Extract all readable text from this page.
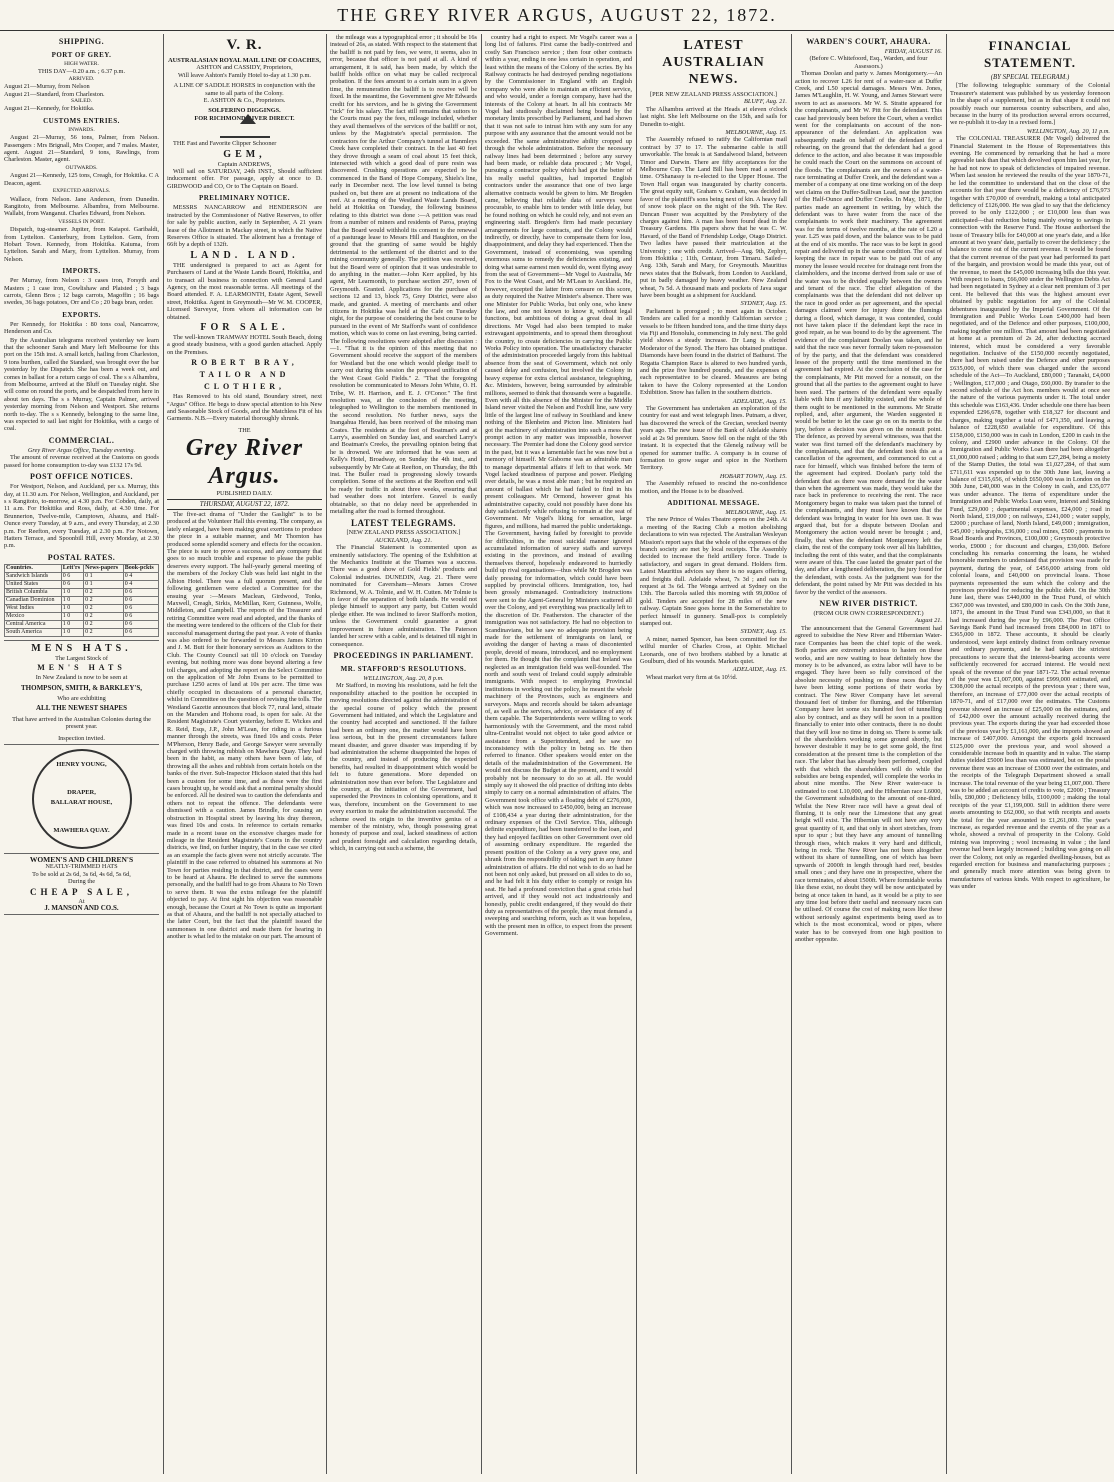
THE GREY RIVER ARGUS, AUGUST 22, 1872.
SHIPPING.
PORT OF GREY.
HIGH WATER.
THIS DAY—0.20 a.m. ; 6.37 p.m.
ARRIVED.
August 21—Murray, from Nelson
August 21—Standard, from Charleston.
SAILED.
August 21—Kennedy, for Hokitika.
CUSTOMS ENTRIES.
INWARDS.
August 21—Murray, 56 tons, Palmer, from Nelson. Passengers : Mrs Brignall, Mrs Cooper, and 7 males. Master, agent. August 21—Standard, 9 tons, Rawlings, from Charleston. Master, agent.
OUTWARDS.
August 21—Kennedy, 125 tons, Creagh, for Hokitika. C A Deacon, agent.
EXPECTED ARRIVALS.
Wallace, from Nelson. Jane Anderson, from Dunedin. Rangitoto, from Melbourne. Albambra, from Melbourne. Wallabi, from Wanganui. Charles Edward, from Nelson.
VESSELS IN PORT.
Dispatch, tug-steamer. Jupiter, from Kaiapoi. Garibaldi, from Lyttelton. Canterbury, from Lyttelton. Gem, from Hobart Town. Kennedy, from Hokitika. Kaiuma, from Lyttelton. Sarah and Mary, from Lyttelton. Murray, from Nelson.
IMPORTS.
Per Murray, from Nelson : 3 cases iron, Forsyth and Masters ; 1 case iron, Cowlishaw and Plaisted ; 3 bags carrots, Glenn Bros ; 12 bags carrots, Magoffin ; 16 bags swedes, 36 bags potatoes, Orr and Co ; 20 bags bran, order.
EXPORTS.
Per Kennedy, for Hokitika : 80 tons coal, Nancarrow, Henderson and Co.
By the Australian telegrams received yesterday we learn that the schooner Sarah and Mary left Melbourne for this port on the 15th inst. A small ketch, hailing from Charleston, 9 tons burthen, called the Standard, was brought over the bar yesterday by the Dispatch. She has been a week out, and comes in ballast for a return cargo of coal. The s s Alhambra, from Melbourne, arrived at the Bluff on Tuesday night. She will come on round the ports, and be despatched from here in about ten days. The s s Murray, Captain Palmer, arrived yesterday morning from Nelson and Westport. She returns north to-day. The s s Kennedy, belonging to the same line, was expected to sail last night for Hokitika, with a cargo of coal.
COMMERCIAL.
Grey River Argus Office, Tuesday evening.
The amount of revenue received at the Customs on goods passed for home consumption to-day was £132 17s 9d.
POST OFFICE NOTICES.
For Westport, Nelson, and Auckland, per s.s. Murray, this day, at 11.30 a.m. For Nelson, Wellington, and Auckland, per s s Rangitoto, to-morrow, at 4.30 p.m. For Cobden, daily, at 11 a.m. For Hokitika and Ross, daily, at 4.30 time. For Brunnerton, Twelve-mile, Camptown, Ahaura, and Half-Ounce every Tuesday, at 9 a.m., and every Thursday, at 2.30 p.m. For Reefton, every Tuesday, at 2.30 p.m. For Notown, Hatters Terrace, and Spoonbill Hill, every Monday, at 2.30 p.m.
POSTAL RATES.
Countries.	Lett'rs	News-papers	Book-pckts
Sandwich Islands	0 6	0 1	0 4
United States	0 6	0 1	0 4
British Columbia	1 0	0 2	0 6
Canadian Dominion	1 0	0 2	0 6
West Indies	1 0	0 2	0 6
Mexico	1 0	0 2	0 6
Central America	1 0	0 2	0 6
South America	1 0	0 2	0 6
MENS HATS.
The Largest Stock of
MEN'S HATS
In New Zealand is now to be seen at
THOMPSON, SMITH, & BARKLEY'S,
Who are exhibiting
ALL THE NEWEST SHAPES
That have arrived in the Australian Colonies during the present year.
Inspection invited.
HENRY YOUNG,
DRAPER,
BALLARAT HOUSE,
MAWHERA QUAY.
WOMEN'S AND CHILDREN'S
NEATLY-TRIMMED HATS
To be sold at 2s 6d, 3s 6d, 4s 6d, 5s 6d,
During the
CHEAP SALE,
At
J. MANSON AND CO.S.
V. R.
AUSTRALASIAN ROYAL MAIL LINE OF COACHES,
ASHTON and CASSIDY, Proprietors,
Will leave Ashton's Family Hotel to-day at 1.30 p.m.
A LINE OF SADDLE HORSES in conjunction with the same to all parts of the Colony.
E. ASHTON & Co., Proprietors.
SOLFERINO DIGGINGS.
FOR RICHMOND RIVER DIRECT.
THE Fast and Favorite Clipper Schooner
GEM,
Captain ANDREWS,
Will sail on SATURDAY, 24th INST., Should sufficient inducement offer. For passage, apply at once to D. GIRDWOOD and CO, Or to The Captain on Board.
PRELIMINARY NOTICE.
MESSRS NANCARROW and HENDERSON are instructed by the Commissioner of Native Reserves, to offer for sale by public auction, early in September, A 21 years lease of the Allotment in Mackay street, in which the Native Reserves Office is situated. The allotment has a frontage of 66ft by a depth of 132ft.
LAND. LAND.
THE undersigned is prepared to act as Agent for Purchasers of Land at the Waste Lands Board, Hokitika, and to transact all business in connection with General Land Agency, on the most reasonable terms. All meetings of the Board attended. F. A. LEARMONTH, Estate Agent, Sewell street, Hokitika. Agent in Greymouth—Mr W. M. COOPER, Licensed Surveyor, from whom all information can be obtained.
FOR SALE.
The well-known TRAMWAY HOTEL South Beach, doing a good steady business, with a good garden attached. Apply on the Premises.
ROBERT BRAY, TAILOR AND CLOTHIER,
Has Removed to his old stand, Boundary street, next "Argus" Office. He begs to draw special attention to his New and Seasonable Stock of Goods, and the Matchless Fit of his Garments. N.B.—Every material thoroughly shrunk.
THE
Grey River Argus.
PUBLISHED DAILY.
THURSDAY, AUGUST 22, 1872.
The five-act drama of "Under the Gaslight" is to be produced at the Volunteer Hall this evening. The company, as lately enlarged, have been making great exertions to produce the piece in a suitable manner, and Mr Thornton has produced some splendid scenery and effects for the occasion. The piece is sure to prove a success, and any company that goes to so much trouble and expense to please the public deserves every support. The half-yearly general meeting of the members of the Jockey Club was held last night in the Albion Hotel. There was a full quorum present, and the following gentlemen were elected a Committee for the ensuing year :—Messrs Maclean, Girdwood, Tonks, Maxwell, Creagh, Sirkis, McMillan, Kerr, Guinness, Wolfe, Middleton, and Campbell. The reports of the Treasurer and retiring Committee were read and adopted, and the thanks of the meeting were tendered to the officers of the Club for their successful management during the past year. A vote of thanks was also ordered to be forwarded to Messrs James Kirton and J. M. Butt for their honorary services as Auditors to the Club. The County Council sat till 10 o'clock on Tuesday evening, but nothing more was done beyond altering a few toll charges, and adopting the report on the Select Committee on the application of Mr John Evans to be permitted to purchase 1250 acres of land at 10s per acre. The time was chiefly occupied in discussions of a personal character, whilst in Committee on the question of revising the tolls. The Westland Gazette announces that block 77, rural land, situate on the Marsden and Hohonu road, is open for sale. At the Resident Magistrate's Court yesterday, before E. Wickes and R. Reid, Esqs, J.P., John M'Lean, for riding in a furious manner through the streets, was fined 10s and costs. Peter M'Pherson, Henry Bade, and George Sawyer were severally charged with throwing rubbish on Mawhera Quay. They had been in the habit, as many others have been of late, of throwing all the ashes and rubbish from certain hotels on the banks of the river. Sub-Inspector Hickson stated that this had been a custom for some time, and as these were the first cases brought up, he would ask that a nominal penalty should be enforced. All he desired was to caution the defendants and others not to repeat the offence. The defendants were dismissed with a caution. James Brindle, for causing an obstruction in Hospital street by leaving his dray thereon, was fined 10s and costs. In reference to certain remarks made in a recent issue on the excessive charges made for mileage in the Resident Magistrate's Courts in the country districts, we find, on further inquiry, that in the case we cited as an example the facts given were not strictly accurate. The plaintiff in the case referred to obtained his summons at No Town for parties residing in that district, and the cases were to be heard at Ahaura. He declined to serve the summons personally, and the bailiff had to go from Ahaura to No Town to serve them. It was the extra mileage fee the plaintiff objected to pay. At first sight his objection was reasonable enough, because the Court at No Town is quite as important as that of Ahaura, and the bailiff is not specially attached to the latter Court, but the fact that the plaintiff issued the summonses in one district and made them for hearing in another is what led to the mistake on our part. The amount of
the mileage was a typographical error ; it should be 16s instead of 26s, as stated. With respect to the statement that the bailiff is not paid by fees, we were, it seems, also in error, because that officer is not paid at all. A kind of arrangement, it is said, has been made, by which the bailiff holds office on what may be called reciprocal probation. If the fees amount to a certain sum in a given time, the remuneration the bailiff is to receive will be fixed. In the meantime, the Government give Mr Edwards credit for his services, and he is giving the Government "tick" for his salary. The fact still remains that suitors to the Courts must pay the fees, mileage included, whether they avail themselves of the services of the bailiff or not, unless by the Magistrate's special permission. The contractors for the Arthur Company's tunnel at Hanmleys Creek have completed their contract. In the last 40 feet they drove through a seam of coal about 15 feet thick, intersected with which a good deal of pure resin was discovered. Crushing operations are expected to be commenced in the Band of Hope Company, Shiels's line, early in December next. The low level tunnel is being pushed on, but there are at present no indications of the reef. At a meeting of the Westland Waste Lands Board, held at Hokitika on Tuesday, the following business relating to this district was done :—A petition was read from a number of miners and residents of Paroa, praying that the Board would withhold its consent to the renewal of a pasturage lease to Messrs Hill and Haughton, on the ground that the granting of same would be highly detrimental to the settlement of the district and to the mining community generally. The petition was received, but the Board were of opinion that it was undesirable to do anything in the matter.—John Kerr applied, by his agent, Mr Learmonth, to purchase section 297, town of Greymouth. Granted. Applications for the purchase of sections 12 and 13, block 75, Grey District, were also made, and granted. A meeting of merchants and other citizens in Hokitika was held at the Cafe on Tuesday night, for the purpose of considering the best course to be pursued in the event of Mr Stafford's want of confidence motion, which was to come on last evening, being carried. The following resolutions were adopted after discussion :—1. "That it is the opinion of this meeting that no Government should receive the support of the members for Westland but the one which would pledge itself to carry out during this session the proposed unification of the West Coast Gold Fields." 2. "That the foregoing resolution be communicated to Messrs John White, O. H. Tribe, W. H. Harrison, and E. J. O'Conor." The first resolution was, at the conclusion of the meeting, telegraphed to Wellington to the members mentioned in the second resolution. No further news, says the Inangahua Herald, has been received of the missing man Coates. The residents at the foot of Boatman's and at Larry's, assembled on Sunday last, and searched Larry's and Boatman's Creeks, the prevailing opinion being that he is drowned. We are informed that he was seen at Kelly's Hotel, Broadway, on Sunday the 4th inst., and subsequently by Mr Cate at Reefton, on Thursday, the 8th inst. The Buller road is progressing slowly towards completion. Some of the sections at the Reefton end will be ready for traffic in about three weeks, ensuring that bad weather does not interfere. Gravel is easily obtainable, so that no delay need be apprehended in metalling after the road is formed throughout.
LATEST TELEGRAMS.
[NEW ZEALAND PRESS ASSOCIATION.]
AUCKLAND, Aug. 21.
The Financial Statement is commented upon as eminently satisfactory. The opening of the Exhibition at the Mechanics Institute at the Thames was a success. There was a good show of Gold Fields' products and Colonial industries. DUNEDIN, Aug. 21. There were nominated for Caversham—Messrs James Crowe Richmond, W. A. Tolmie, and W. H. Cutten. Mr Tolmie is in favor of the separation of both islands. He would not pledge himself to support any party, but Cutten would pledge either. He was inclined to favor Stafford's motion, unless the Government could guarantee a great improvement in future administration. The Paterson landed her screw with a cable, and is detained till night in consequence.
PROCEEDINGS IN PARLIAMENT.
MR. STAFFORD'S RESOLUTIONS.
WELLINGTON, Aug. 20, 8 p.m.
Mr Stafford, in moving his resolutions, said he felt the responsibility attached to the position he occupied in moving resolutions directed against the administration of the special course of policy which the present Government had initiated, and which the Legislature and the country had accepted and sanctioned. If the failure had been an ordinary one, the matter would have been less serious, but in the present circumstances failure meant disaster, and grave disaster was impending if by bad administration the scheme disappointed the hopes of the country, and instead of producing the expected benefits, had resulted in disappointment which would be felt to future generations. More depended on administration now than ever before. The Legislature and the country, at the initiation of the Government, had superseded the Provinces in colonising operations, and it was, therefore, incumbent on the Government to use every exertion to make the administration successful. The scheme owed its origin to the inventive genius of a member of the ministry, who, though possessing great honesty of purpose and zeal, lacked steadiness of action and prudent foresight and calculation regarding details, which, in carrying out such a scheme, the
country had a right to expect. Mr Vogel's career was a long list of failures. First came the badly-contrived and costly San Francisco service ; then four other contracts within a year, ending in one less certain in operation, and least within the means of the Colony of the scries. By his Railway contracts he had destroyed pending negotiations by the Commissioner in England with an English company who were able to maintain an efficient service, and who would, under a foreign company, have had the interests of the Colony at heart. In all his contracts Mr Vogel had studiously disclaimed being bound by the monetary limits prescribed by Parliament, and had shown that it was not safe to intrust him with any sum for any purpose with any assurance that the amount would not be exceeded. The same administrative ability cropped up through the whole administration. Before the necessary railway lines had been determined ; before any survey had been made, or reliable data procured ; Mr Vogel, pursuing a contractor policy which had got the better of his really useful qualities, had imported English contractors under the assurance that one of two large alternative contracts would be given to him. Mr Brogden came, believing that reliable data of surveys were procurable, to enable him to tender with little delay, but he found nothing on which he could rely, and not even an engineering staff. Brogden's firm had made pecuniary arrangements for large contracts, and the Colony would indirectly, or directly, have to compensate them for loss, disappointment, and delay they had experienced. Then the Government, instead of economising, was spending enormous sums to remedy the deficiencies existing, and doing what same earnest men would do, went flying away from the seat of Government—Mr Vogel to Australia, Mr Fox to the West Coast, and Mr M'Lean to Auckland. He, however, excepted the latter from censure on this score, as duty required the Native Minister's absence. There was one Minister for Public Works, but only one, who knew the law, and one not known to know it, without legal functions, but ambitious of doing a great deal in all directions. Mr Vogel had also been tempted to make extravagant appointments, and to spread them throughout the country, to create deficiencies in carrying the Public Works Policy into operation. The unsatisfactory character of the administration proceeded largely from this habitual absence from the seat of Government, which not only caused delay and confusion, but involved the Colony in heavy expense for extra clerical assistance, telegraphing, &c. Ministers, however, being surrounded by admirable millions, seemed to think that thousands were a bagatelle. Even with all this absence of the Minister for the Middle Island never visited the Nelson and Foxhill line, saw very little of the largest line of railway in Southland and knew nothing of the Blenheim and Picton line. Ministers had got the machinery of administration into such a mess that prompt action in any matter was impossible, however necessary. The Premier had done the Colony good service in the past, but it was a lamentable fact he was now but a memory of himself. Mr Gisborne was an admirable man to manage departmental affairs if left to that work. Mr Vogel lacked steadiness of purpose and power. Pledging over details, he was a most able man ; but he required an amount of ballast which he had failed to find in his present colleagues. Mr Ormond, however great his administrative capacity, could not possibly have done his duty satisfactorily while refusing to remain at the seat of Government. Mr Vogel's liking for sensation, large figures, and millions, had marred the public undertakings. The Government, having failed by foresight to provide for difficulties, in the most suicidal manner ignored accumulated information of survey staffs and surveys existing in the provinces, and instead of availing themselves thereof, hopelessly endeavored to hurriedly build up rival organisations—thus while Mr Brogden was daily pressing for information, which could have been supplied by provincial officers. Immigration, too, had been grossly mismanaged. Contradictory instructions were sent to the Agent-General by Ministers scattered all over the Colony, and yet everything was practically left to the discretion of Dr. Featherston. The character of the immigration was not satisfactory. He had no objection to Scandinavians, but he saw no adequate provision being made for the settlement of immigrants on land, or avoiding the danger of having a mass of discontented people, devoid of means, introduced, and no employment for them. He thought that the complaint that Ireland was neglected as an immigration field was well-founded. The north and south west of Ireland could supply admirable immigrants. With respect to employing Provincial institutions in working out the policy, he meant the whole machinery of the Provinces, such as engineers and surveyors. Maps and records should be taken advantage of, as well as the services, advice, or assistance of any of them capable. The Superintendents were willing to work harmoniously with the Government, and the most rabid ultra-Centralist would not object to take good advice or assistance from a Superintendent, and he saw no inconsistency with the policy in being so. He then referred to finance. Other speakers would enter on the details of the maladministration of the Government. He would not discuss the Budget at the present, and it would probably not be necessary to do so at all. He would simply say it showed the old practice of drifting into debts simply to carry on a normal administration of affairs. The Government took office with a floating debt of £276,000, which was now increased to £450,000, being an increase of £108,434 a year during their administration, for the ordinary expenses of the Civil Service. This, although definite expenditure, had been transferred to the loan, and they had enjoyed facilities on other Government over old of assuming ordinary expenditure. He regarded the present position of the Colony as a very grave one, and shrank from the responsibility of taking part in any future administration of affairs. He did not wish to do so had he not been not only asked, but pressed on all sides to do so, and he had felt it his duty either to comply or resign his seat. He had a profound conviction that a great crisis had arrived, and if they would not act industriously and honestly, public credit endangered, if they would do their duty as representatives of the people, they must demand a sweeping and searching reform, such as it was hopeless, with the present men in office, to expect from the present Government.
LATEST AUSTRALIAN NEWS.
[PER NEW ZEALAND PRESS ASSOCIATION.]
BLUFF, Aug. 21.
The Alhambra arrived at the Heads at eleven o'clock last night. She left Melbourne on the 15th, and sails for Dunedin to-night.
MELBOURNE, Aug. 15.
The Assembly refused to ratify the Californian mail contract by 37 to 17. The submarine cable is still unworkable. The break is at Sandalwood Island, between Timor and Darwin. There are fifty acceptances for the Melbourne Cup. The Land Bill has been read a second time. O'Shanassy is re-elected to the Upper House. The Town Hall organ was inaugurated by charity concerts. The great equity suit, Graham v. Graham, was decided in favor of the plaintiff's sons being next of kin. A heavy fall of snow took place on the night of the 9th. The Rev. Duncan Fraser was acquitted by the Presbytery of the charges against him. A man has been found dead in the Treasury Gardens. His papers show that he was C. W. Havard, of the Band of Friendship Lodge, Otago District. Two ladies have passed their matriculation at the University ; one with credit. Arrived—Aug. 9th, Zephyr, from Hokitika ; 11th, Centaur, from Timaru. Sailed—Aug. 13th, Sarah and Mary, for Greymouth. Mauritius news states that the Bulwark, from London to Auckland, put in badly damaged by heavy weather. New Zealand wheat, 7s 5d. A thousand mats and pockets of Java sugar have been bought as a shipment for Auckland.
SYDNEY, Aug. 15.
Parliament is prorogued ; to meet again in October. Tenders are called for a monthly Californian service ; vessels to be fifteen hundred tons, and the time thirty days via Fiji and Honolulu, commencing in July next. The gold yield shows a steady increase. Dr Lang is elected Moderator of the Synod. The Hero has obtained prattique. Diamonds have been found in the district of Bathurst. The Regatta Champion Race is altered to two hundred yards, and the prize five hundred pounds, and the expenses of each representative to be cleared. Measures are being taken to have the Colony represented at the London Exhibition. Snow has fallen in the southern districts.
ADELAIDE, Aug. 15.
The Government has undertaken an exploration of the country for east and west telegraph lines. Putnam, a diver, has discovered the wreck of the Grecian, wrecked twenty years ago. The new issue of the Bank of Adelaide shares sold at 2s 9d premium. Snow fell on the night of the 9th instant. It is expected that the Glenelg railway will be opened for summer traffic. A company is in course of formation to grow sugar and spice in the Northern Territory.
HOBART TOWN, Aug. 15.
The Assembly refused to rescind the no-confidence motion, and the House is to be dissolved.
ADDITIONAL MESSAGE.
MELBOURNE, Aug. 15.
The new Prince of Wales Theatre opens on the 24th. At a meeting of the Racing Club a motion abolishing declarations to win was rejected. The Australian Wesleyan Mission's report says that the whole of the expenses of the branch society are met by local receipts. The Assembly decided to increase the field artillery force. Trade is satisfactory, and sugars in great demand. Holders firm. Latest Mauritius advices say there is no sugars offering, and freights dull. Adelaide wheat, 7s 3d ; and oats in request at 3s 6d. The Wonga arrived at Sydney on the 13th. The Barcola sailed this morning with 99,000oz of gold. Tenders are accepted for 28 miles of the new railway. Captain Snee goes home in the Somersetshire to perfect himself in gunnery. Small-pox is completely stamped out.
SYDNEY, Aug. 15.
A miner, named Spencer, has been committed for the wilful murder of Charles Cross, at Ophir. Michael Leonards, one of two brothers stabbed by a lunatic at Goulburn, died of his wounds. Markets quiet.
ADELAIDE, Aug. 15.
Wheat market very firm at 6s 10½d.
WARDEN'S COURT, AHAURA.
FRIDAY, AUGUST 16.
(Before C. Whitefoord, Esq., Warden, and four Assessors.)
Thomas Doolan and party v. James Montgomery.—An action to recover L26 for rent of a water-race at Duffer Creek, and L50 special damages. Messrs Wm. Jones, James M'Laughlin, H. W. Young, and James Stewart were sworn to act as assessors. Mr W. S. Stratte appeared for the complainants, and Mr W. Pitt for the defendant. This case had previously been before the Court, when a verdict went for the complainants on account of the non-appearance of the defendant. An application was subsequently made on behalf of the defendant for a rehearing, on the ground that the defendant had a good defence to the action, and also because it was impossible he could reach the Court on the summons on account of the floods. The complainants are the owners of a water-race terminating at Duffer Creek, and the defendant was a member of a company at one time working on of the deep wet claims on the Duffer-Sullivan Lead, near the junction of the Half-Ounce and Duffer Creeks. In May, 1871, the parties made an agreement in writing, by which the defendant was to have water from the race of the complainants to work their machinery. The agreement was for the terms of twelve months, at the rate of L20 a year. L25 was paid down, and the balance was to be paid at the end of six months. The race was to be kept in good repair and delivered up in the same condition. The cost of keeping the race in repair was to be paid out of any money the lessee would receive for drainage rent from the claimholders, and the income derived from sale or use of the water was to be divided equally between the owners and tenant of the race. The chief allegation of the complainants was that the defendant did not deliver up the race in good order as per agreement, and the special damages claimed were for injury done the flumings during a flood, which damage, it was contended, could not have taken place if the defendant kept the race in good repair, as he was bound to do by the agreement. The evidence of the complainant Doolan was taken, and he said that the race was never formally taken re-possession of by the party, and that the defendant was considered lessee of the property until the time mentioned in the agreement had expired. At the conclusion of the case for the complainants, Mr Pitt moved for a nonsuit, on the ground that all the parties to the agreement ought to have been sued. The partners of the defendant were equally liable with him if any liability existed, and the whole of them ought to be mentioned in the summons. Mr Stratte replied, and, after argument, the Warden suggested it would be better to let the case go on on its merits to the jury, before a decision was given on the nonsuit point. The defence, as proved by several witnesses, was that the water was first turned off the defendant's machinery by the complainants, and that the defendant took this as a cancellation of the agreement, and commenced to cut a race for himself, which was finished before the term of the agreement had expired. Doolan's party told the defendant that as there was more demand for the water than when the agreement was made, they would take the race back in preference to receiving the rent. The race Montgomery began to make was taken past the tunnel of the complainants, and they must have known that the defendant was bringing in water for his own use. It was argued that, but for a dispute between Doolan and Montgomery the action would never be brought ; and, finally, that when the defendant Montgomery left the claim, the rest of the company took over all his liabilities, including the rent of this water, and that the complainants were aware of this. The case lasted the greater part of the day, and after a lengthened deliberation, the jury found for the defendant, with costs. As the judgment was for the defendant, the point raised by Mr Pitt was decided in his favor by the verdict of the assessors.
NEW RIVER DISTRICT.
(FROM OUR OWN CORRESPONDENT.)
August 21.
The announcement that the General Government had agreed to subsidise the New River and Hibernian Water-race Companies has been the chief topic of the week. Both parties are extremely anxious to hasten on these works, and are now waiting to hear definitely how the money is to be advanced, as extra labor will have to be engaged. They have been so fully convinced of the absolute necessity of pushing on these races that they have been letting some portions of their works by contract. The New River Company have let several thousand feet of timber for fluming, and the Hibernian Company have let some six hundred feet of tunnelling also by contract, and as they will be soon in a position financially to enter into other contracts, there is no doubt that they will lose no time in doing so. There is some talk of the shareholders working some ground shortly, but however desirable it may be to get some gold, the first consideration at the present time is the completion of the race. The labor that has already been performed, coupled with that which the shareholders will do while the subsidies are being expended, will complete the works in about nine months. The New River water-race is estimated to cost L10,000, and the Hibernian race L6000, the Government subsidising to the amount of one-third. Whilst the New River race will have a great deal of fluming, it is only near the Limestone that any great height will exist. The Hibernian will not have any very great quantity of it, and that only in short stretches, from spur to spur ; but they have any amount of tunnelling through rises, which makes it very hard and difficult, being in rock. The New River has not been altogether without its share of tunnelling, one of which has been upwards of 2000ft in length through hard reef, besides small ones ; and they have one in prospective, where the race terminates, of about 1500ft. Where formidable works like these exist, no doubt they will be now anticipated by being at once taken in hand, as it would be a pity to see any time lost before their useful and necessary races can be utilised. Of course the cost of making races like these without seriously against experiments being used as to which is the most economical, wood or pipes, where water has to be conveyed from one high position to another opposite.
FINANCIAL STATEMENT.
(BY SPECIAL TELEGRAM.)
[The following telegraphic summary of the Colonial Treasurer's statement was published by us yesterday forenoon in the shape of a supplement, but as in that shape it could not possibly reach our numerous country subscribers, and also, because in the hurry of its production several errors occurred, we re-publish it to-day in a revised form.]
WELLINGTON, Aug. 20, 11 p.m.
The COLONIAL TREASURER (Mr Vogel) delivered the Financial Statement in the House of Representatives this evening. He commenced by remarking that he had a more agreeable task than that which devolved upon him last year, for he had not now to speak of deficiencies of impaired revenue. When last session he reviewed the results of the year 1870-71, he led the committee to understand that on the close of the accounts for that year there would be a deficiency of £76,973 together with £70,000 of overdraft, making a total anticipated deficiency of £126,000. He was glad to say that the deficiency proved to be only £122,000 ; or £10,000 less than was anticipated—that reduction being mainly owing to savings in connection with the Reserve Fund. The House authorised the issue of Treasury bills for £40,000 at one year's date, and a like amount at two years' date, partially to cover the deficiency ; the balance to come out of the current revenue. It would be found that the current revenue of the past year had performed its part of the bargain, and provision would be made this year, out of the revenue, to meet the £45,000 increasing bills due this year. With respect to loans, £66,000 under the Wellington Debts Act had been negotiated in Sydney at a clear nett premium of 3 per cent. He believed that this was the highest amount ever obtained by public negotiation for any of the Colonial debentures inaugurated by the Imperial Government. Of the Immigration and Public Works Loan £400,000 had been negotiated, and of the Defence and other purposes, £100,000, making together one million. That amount had been negotiated at home at a premium of 2s 2d, after deducting accrued interest, which must be considered a very favorable negotiation. Inclusive of the £150,000 recently negotiated, there had been raised under the Defence and other purposes £635,000, of which there was charged under the second schedule of the Act—To Auckland, £80,000 ; Taranaki, £4,000 ; Wellington, £17,000 ; and Otago, £60,000. By transfer to the second schedule of the Act hon. members would at once see the nature of the various payments under it. The total under this schedule was £163,436. Under schedule one there has been expended £296,678, together with £18,327 for discount and charges, making together a total of £471,350, and leaving a balance of £228,650 available for expenditure. Of this £158,000, £150,000 was in cash in London, £200 in cash in the colony, and £2900 under advance in the Colony. Of the Immigration and Public Works Loan there had been altogether £1,000,000 raised ; adding to that sum £27,284, being a moiety of the Stamp Duties, the total was £1,027,284, of that sum £711,611 was expended up to the 30th June last, leaving a balance of £315,656, of which £650,000 was in London on the 30th June, £40,000 was in the Colony in cash, and £35,077 was under advance. The items of expenditure under the Immigration and Public Works Loan were, Interest and Sinking Fund, £29,000 ; departmental expenses, £24,000 ; road in North Island, £19,000 ; on railways, £241,000 ; water supply, £2000 ; purchase of land, North Island, £49,000 ; immigration, £45,000 ; telegraphs, £36,000 ; coal mines, £500 ; payments to Road Boards and Provinces, £100,000 ; Greymouth protective works, £9000 ; for discount and charges, £39,000. Before concluding his remarks concerning the loans, he wished honorable members to understand that provision was made for payment, during the year, of £456,000 arising from old colonial loans, and £40,000 on provincial loans. Those payments represented the sum which the colony and the provinces provided for reducing the public debt. On the 30th June last, there was £440,000 in the Trust Fund, of which £367,000 was invested, and £80,000 in cash. On the 30th June, 1871, the amount in the Trust Fund was £343,000, so that it had increased during the year by £96,000. The Post Office Savings Bank Fund had increased from £84,000 in 1871 to £365,000 in 1872. These accounts, it should be clearly understood, were kept entirely distinct from ordinary revenue and ordinary payments, and he had taken the strictest precautions to secure that the interest-bearing accounts were sufficiently recovered for accrued interest. He would next speak of the revenue of the year 1871-72. The actual revenue of the year was £1,007,000, against £999,000 estimated, and £308,000 the actual receipts of the previous year ; there was, therefore, an increase of £77,000 over the actual receipts of 1870-71, and of £17,000 over the estimates. The Customs revenue showed an increase of £25,000 on the estimates, and of £42,000 over the amount actually received during the previous year. The exports during the year had exceeded those of the previous year by £1,161,000, and the imports showed an increase of £407,000. Amongst the exports gold increased £125,000 over the previous year, and wool showed a considerable increase both in quantity and in value. The stamp duties yielded £5000 less than was estimated, but on the postal revenue there was an increase of £3000 over the estimates, and the receipts of the Telegraph Department showed a small increase. The total revenue of the year being £1,007,000. There was to be added an account of credits to vote, £2000 ; Treasury bills, £80,000 ; Deficiency bills, £100,000 ; making the total receipts of the year £1,199,000. Still in addition there were assets amounting to £62,000, so that with receipts and assets the total for the year amounted to £1,261,000. The year's increase, as regarded revenue and the events of the year as a whole, showed a revival of prosperity in the Colony. Gold mining was improving ; wool increasing in value ; the land revenue had been largely increased ; building was going on all over the Colony, not only as regarded dwelling-houses, but as regarded erection for business and manufacturing purposes ; and generally much more attention was being given to manufactures of various kinds. With respect to agriculture, he was under
